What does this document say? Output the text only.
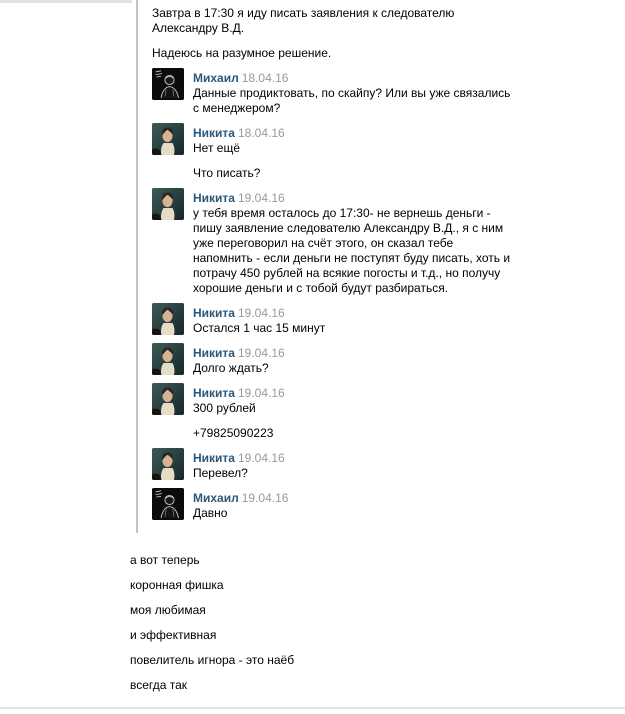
Завтра в 17:30 я иду писать заявления к следователю Александру В.Д.

Надеюсь на разумное решение.

Михаил 18.04.16

Данные продиктовать, по скайпу? Или вы уже связались с менеджером?

Никита 18.04.16

Нет ещё

Что писать?

Никита 19.04.16

у тебя время осталось до 17:30- не вернешь деньги - пишу заявление следователю Александру В.Д., я с ним уже переговорил на счёт этого, он сказал тебе напомнить - если деньги не поступят буду писать, хоть и потрачу 450 рублей на всякие погосты и т.д., но получу хорошие деньги и с тобой будут разбираться.

Никита 19.04.16

Остался 1 час 15 минут

Никита 19.04.16

Долго ждать?

Никита 19.04.16

300 рублей

+79825090223

Никита 19.04.16

Перевел?

Михаил 19.04.16

Давно

а вот теперь
коронная фишка
моя любимая
и эффективная
повелитель игнора - это наёб
всегда так
